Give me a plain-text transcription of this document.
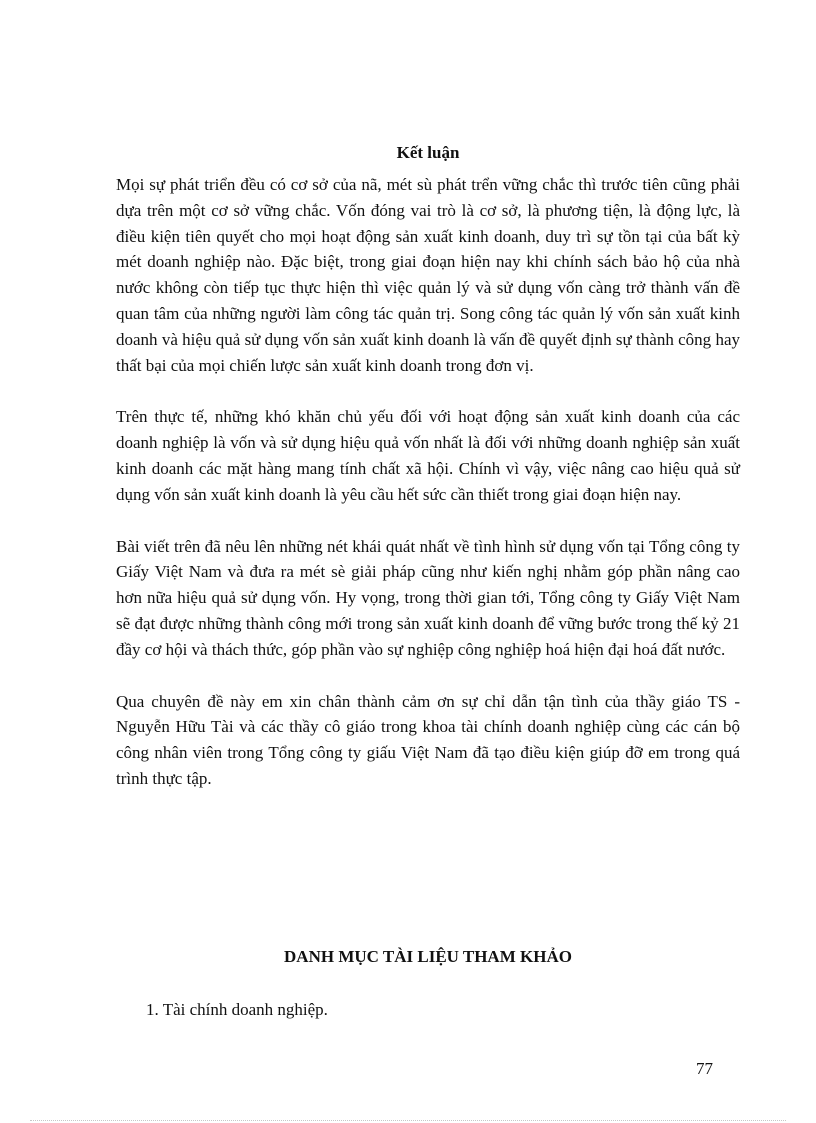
Kết luận

Mọi sự phát triển đều có cơ sở của nã, mét sù phát trển vững chắc thì trước tiên cũng phải dựa trên một cơ sở vững chắc. Vốn đóng vai trò là cơ sở, là phương tiện, là động lực, là điều kiện tiên quyết cho mọi hoạt động sản xuất kinh doanh, duy trì sự tồn tại của bất kỳ mét doanh nghiệp nào. Đặc biệt, trong giai đoạn hiện nay khi chính sách bảo hộ của nhà nước không còn tiếp tục thực hiện thì việc quản lý và sử dụng vốn càng trở thành vấn đề quan tâm của những người làm công tác quản trị. Song công tác quản lý vốn sản xuất kinh doanh và hiệu quả sử dụng vốn sản xuất kinh doanh là vấn đề quyết định sự thành công hay thất bại của mọi chiến lược sản xuất kinh doanh trong đơn vị.

Trên thực tế, những khó khăn chủ yếu đối với hoạt động sản xuất kinh doanh của các doanh nghiệp là vốn và sử dụng hiệu quả vốn nhất là đối với những doanh nghiệp sản xuất kinh doanh các mặt hàng mang tính chất xã hội. Chính vì vậy, việc nâng cao hiệu quả sử dụng vốn sản xuất kinh doanh là yêu cầu hết sức cần thiết trong giai đoạn hiện nay.

Bài viết trên đã nêu lên những nét khái quát nhất về tình hình sử dụng vốn tại Tổng công ty Giấy Việt Nam và đưa ra mét sè giải pháp cũng như kiến nghị nhằm góp phần nâng cao hơn nữa hiệu quả sử dụng vốn. Hy vọng, trong thời gian tới, Tổng công ty Giấy Việt Nam sẽ đạt được những thành công mới trong sản xuất kinh doanh để vững bước trong thế kỷ 21 đầy cơ hội và thách thức, góp phần vào sự nghiệp công nghiệp hoá hiện đại hoá đất nước.

Qua chuyên đề này em xin chân thành cảm ơn sự chỉ dẫn tận tình của thầy giáo TS - Nguyễn Hữu Tài và các thầy cô giáo trong khoa tài chính doanh nghiệp cùng các cán bộ công nhân viên trong Tổng công ty giấu Việt Nam đã tạo điều kiện giúp đỡ em trong quá trình thực tập.

DANH MỤC TÀI LIỆU THAM KHẢO
1. Tài chính doanh nghiệp.
77
